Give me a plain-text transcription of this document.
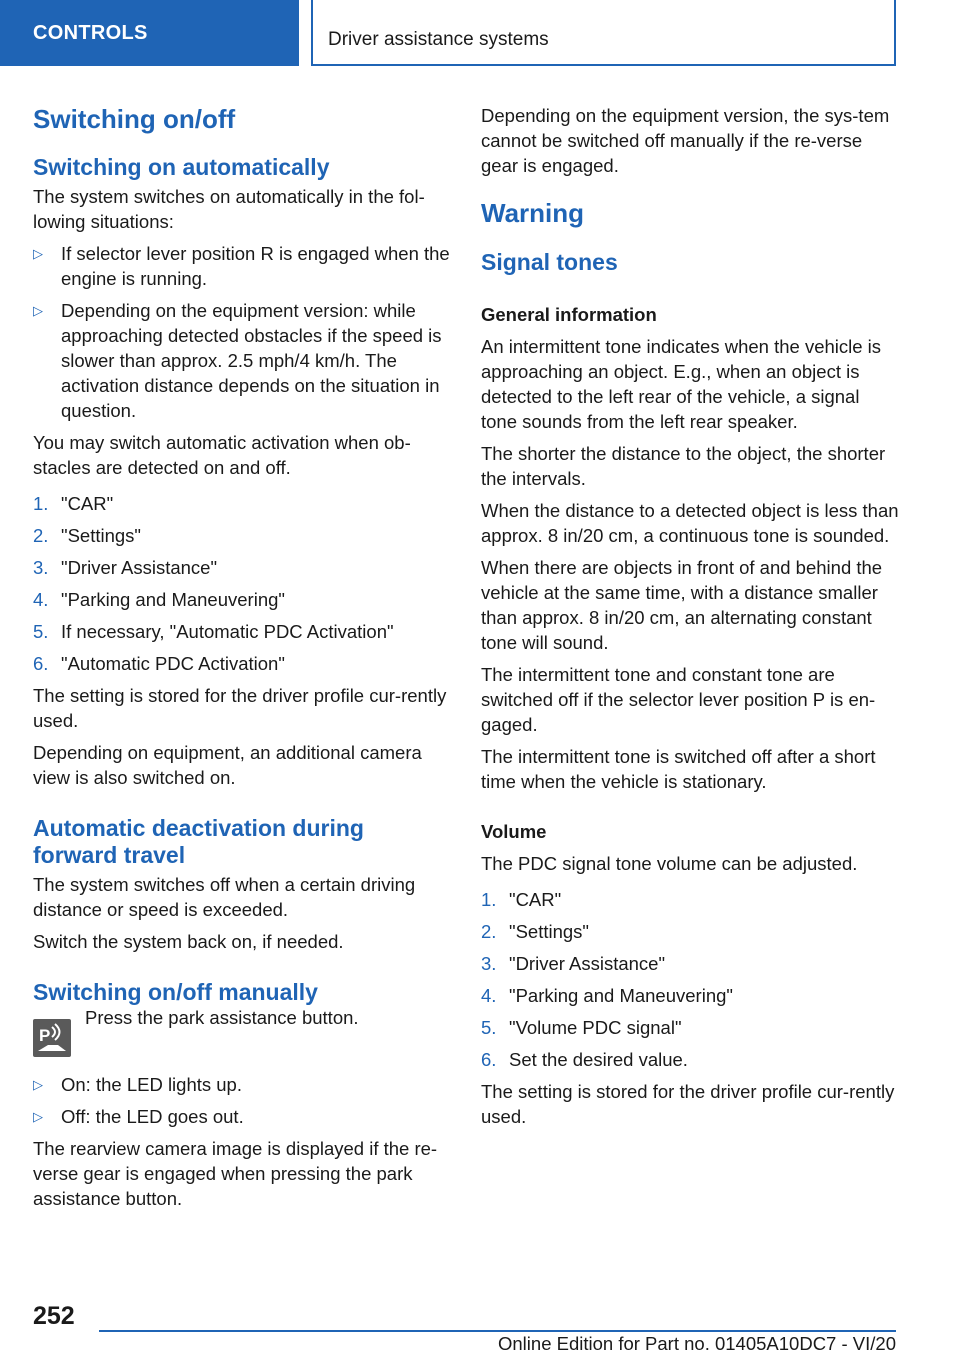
CONTROLS	Driver assistance systems
Switching on/off
Switching on automatically

The system switches on automatically in the fol‐lowing situations:

▷ If selector lever position R is engaged when the engine is running.
▷ Depending on the equipment version: while approaching detected obstacles if the speed is slower than approx. 2.5 mph/4 km/h. The activation distance depends on the situation in question.

You may switch automatic activation when ob‐stacles are detected on and off.

1. "CAR"
2. "Settings"
3. "Driver Assistance"
4. "Parking and Maneuvering"
5. If necessary, "Automatic PDC Activation"
6. "Automatic PDC Activation"

The setting is stored for the driver profile cur‐rently used.

Depending on equipment, an additional camera view is also switched on.

Automatic deactivation during forward travel

The system switches off when a certain driving distance or speed is exceeded.

Switch the system back on, if needed.

Switching on/off manually
P

Press the park assistance button.

▷ On: the LED lights up.
▷ Off: the LED goes out.

The rearview camera image is displayed if the re‐verse gear is engaged when pressing the park assistance button.

Depending on the equipment version, the sys‐tem cannot be switched off manually if the re‐verse gear is engaged.

Warning
Signal tones
General information

An intermittent tone indicates when the vehicle is approaching an object. E.g., when an object is detected to the left rear of the vehicle, a signal tone sounds from the left rear speaker.

The shorter the distance to the object, the shorter the intervals.

When the distance to a detected object is less than approx. 8 in/20 cm, a continuous tone is sounded.

When there are objects in front of and behind the vehicle at the same time, with a distance smaller than approx. 8 in/20 cm, an alternating constant tone will sound.

The intermittent tone and constant tone are switched off if the selector lever position P is en‐gaged.

The intermittent tone is switched off after a short time when the vehicle is stationary.

Volume

The PDC signal tone volume can be adjusted.

1. "CAR"
2. "Settings"
3. "Driver Assistance"
4. "Parking and Maneuvering"
5. "Volume PDC signal"
6. Set the desired value.

The setting is stored for the driver profile cur‐rently used.

252
Online Edition for Part no. 01405A10DC7 - VI/20
